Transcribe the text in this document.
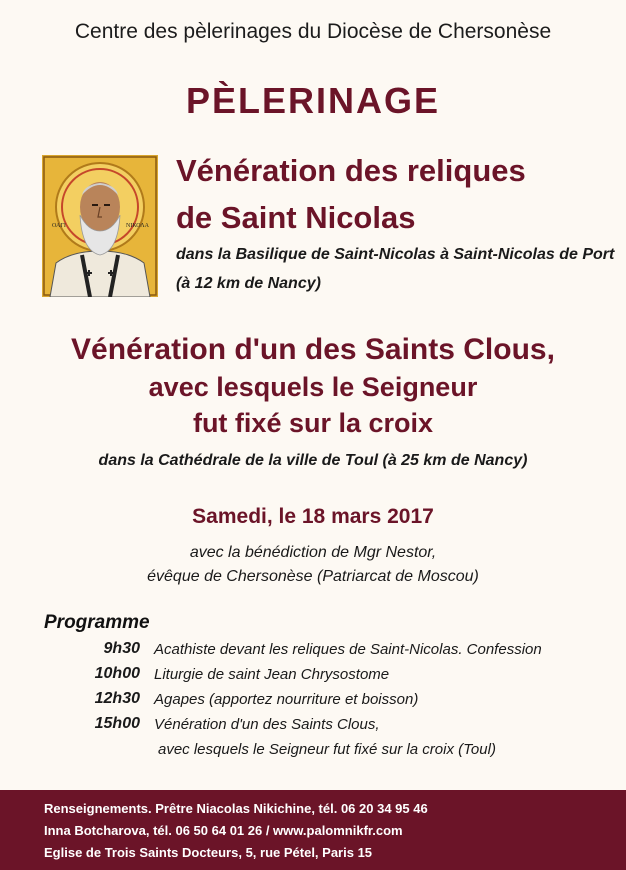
Centre des pèlerinages du Diocèse de Chersonèse
PÈLERINAGE
ΟΑΓΙ	ΝΙΚΟΛΑ
Vénération des reliques
de Saint Nicolas
dans la Basilique de Saint-Nicolas à Saint-Nicolas de Port
(à 12 km de Nancy)
Vénération d'un des Saints Clous,
avec lesquels le Seigneur
fut fixé sur la croix
dans la Cathédrale de la ville de Toul (à 25 km de Nancy)
Samedi, le 18 mars 2017
avec la bénédiction de Mgr Nestor,
évêque de Chersonèse (Patriarcat de Moscou)
Programme
9h30 Acathiste devant les reliques de Saint-Nicolas. Confession
10h00 Liturgie de saint Jean Chrysostome
12h30 Agapes (apportez nourriture et boisson)
15h00 Vénération d'un des Saints Clous,
avec lesquels le Seigneur fut fixé sur la croix (Toul)
Renseignements. Prêtre Niacolas Nikichine, tél. 06 20 34 95 46
Inna Botcharova, tél. 06 50 64 01 26 / www.palomnikfr.com
Eglise de Trois Saints Docteurs, 5, rue Pétel, Paris 15
